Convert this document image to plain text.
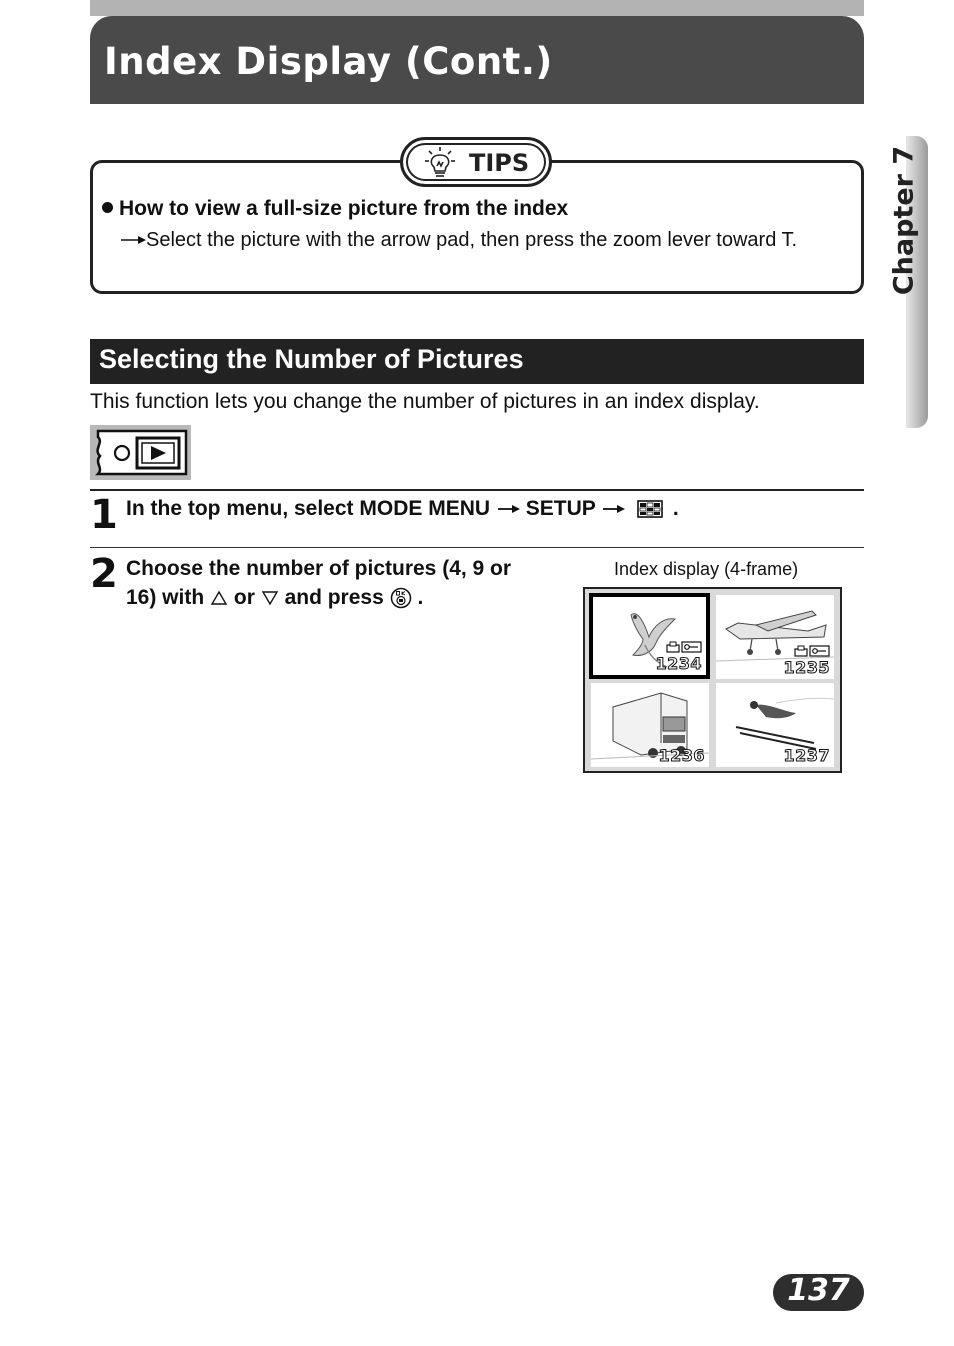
Index Display (Cont.)
Chapter 7
TIPS
How to view a full-size picture from the index
Select the picture with the arrow pad, then press the zoom lever toward T.
Selecting the Number of Pictures
This function lets you change the number of pictures in an index display.
1 In the top menu, select MODE MENU SETUP	.
2 Choose the number of pictures (4, 9 or 16) with or and press .
Index display (4-frame)
1234	1235
1236	1237
137
